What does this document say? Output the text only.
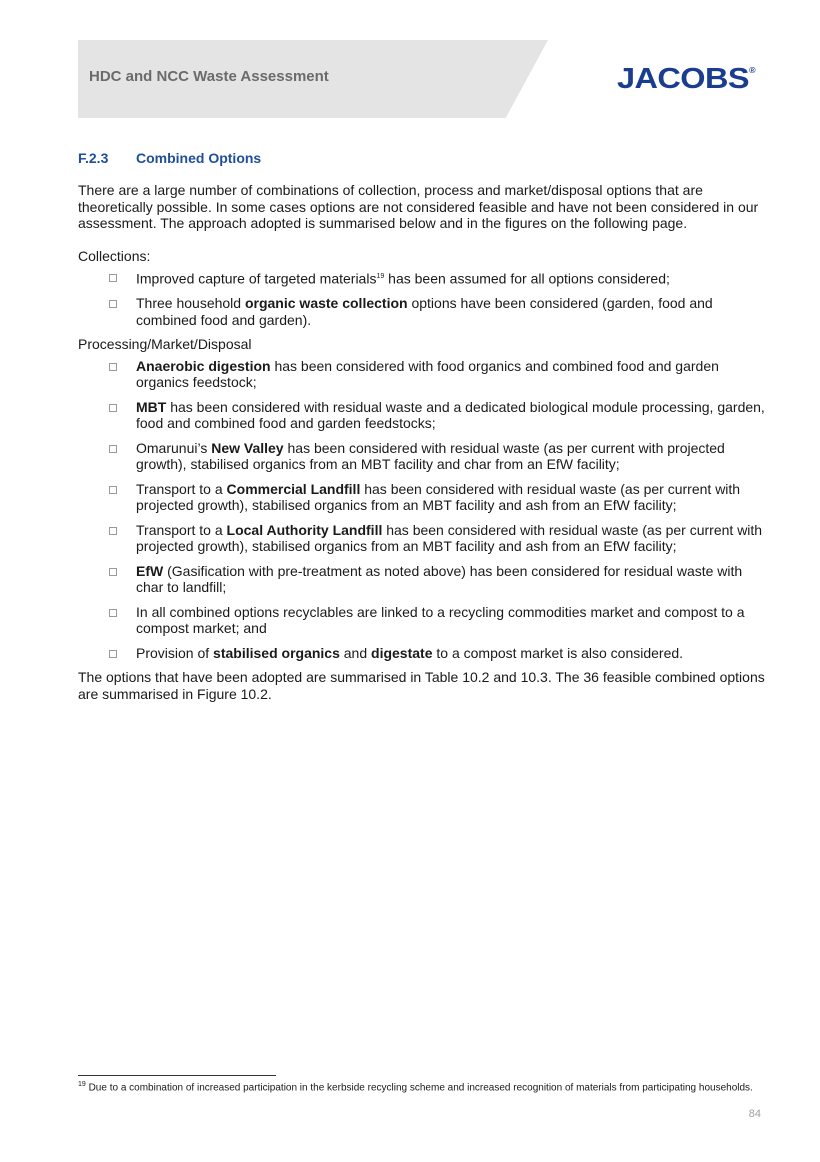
HDC and NCC Waste Assessment	JACOBS®
F.2.3 Combined Options

There are a large number of combinations of collection, process and market/disposal options that are theoretically possible. In some cases options are not considered feasible and have not been considered in our assessment. The approach adopted is summarised below and in the figures on the following page.

Collections:

Improved capture of targeted materials$^{19}$ has been assumed for all options considered;
Three household organic waste collection options have been considered (garden, food and combined food and garden).

Processing/Market/Disposal

Anaerobic digestion has been considered with food organics and combined food and garden organics feedstock;
MBT has been considered with residual waste and a dedicated biological module processing, garden, food and combined food and garden feedstocks;
Omarunui’s New Valley has been considered with residual waste (as per current with projected growth), stabilised organics from an MBT facility and char from an EfW facility;
Transport to a Commercial Landfill has been considered with residual waste (as per current with projected growth), stabilised organics from an MBT facility and ash from an EfW facility;
Transport to a Local Authority Landfill has been considered with residual waste (as per current with projected growth), stabilised organics from an MBT facility and ash from an EfW facility;
EfW (Gasification with pre-treatment as noted above) has been considered for residual waste with char to landfill;
In all combined options recyclables are linked to a recycling commodities market and compost to a compost market; and
Provision of stabilised organics and digestate to a compost market is also considered.

The options that have been adopted are summarised in Table 10.2 and 10.3. The 36 feasible combined options are summarised in Figure 10.2.

$^{19}$ Due to a combination of increased participation in the kerbside recycling scheme and increased recognition of materials from participating households.
84
